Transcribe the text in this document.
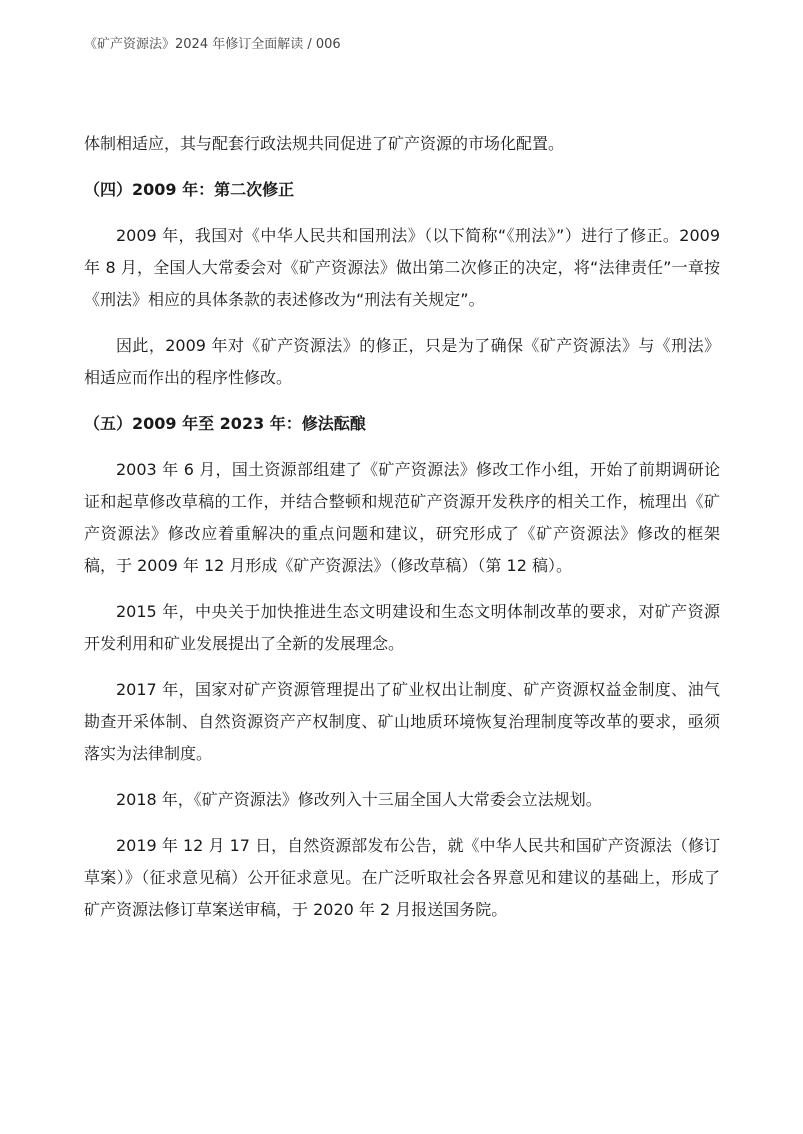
《矿产资源法》2024 年修订全面解读 / 006

体制相适应，其与配套行政法规共同促进了矿产资源的市场化配置。

（四）2009 年：第二次修正

2009 年，我国对《中华人民共和国刑法》（以下简称“《刑法》”）进行了修正。2009 年 8 月，全国人大常委会对《矿产资源法》做出第二次修正的决定，将“法律责任”一章按《刑法》相应的具体条款的表述修改为“刑法有关规定”。

因此，2009 年对《矿产资源法》的修正，只是为了确保《矿产资源法》与《刑法》相适应而作出的程序性修改。

（五）2009 年至 2023 年：修法酝酿

2003 年 6 月，国土资源部组建了《矿产资源法》修改工作小组，开始了前期调研论证和起草修改草稿的工作，并结合整顿和规范矿产资源开发秩序的相关工作，梳理出《矿产资源法》修改应着重解决的重点问题和建议，研究形成了《矿产资源法》修改的框架稿，于 2009 年 12 月形成《矿产资源法》（修改草稿）（第 12 稿）。

2015 年，中央关于加快推进生态文明建设和生态文明体制改革的要求，对矿产资源开发利用和矿业发展提出了全新的发展理念。

2017 年，国家对矿产资源管理提出了矿业权出让制度、矿产资源权益金制度、油气勘查开采体制、自然资源资产产权制度、矿山地质环境恢复治理制度等改革的要求，亟须落实为法律制度。

2018 年，《矿产资源法》修改列入十三届全国人大常委会立法规划。

2019 年 12 月 17 日，自然资源部发布公告，就《中华人民共和国矿产资源法（修订草案）》（征求意见稿）公开征求意见。在广泛听取社会各界意见和建议的基础上，形成了矿产资源法修订草案送审稿，于 2020 年 2 月报送国务院。
